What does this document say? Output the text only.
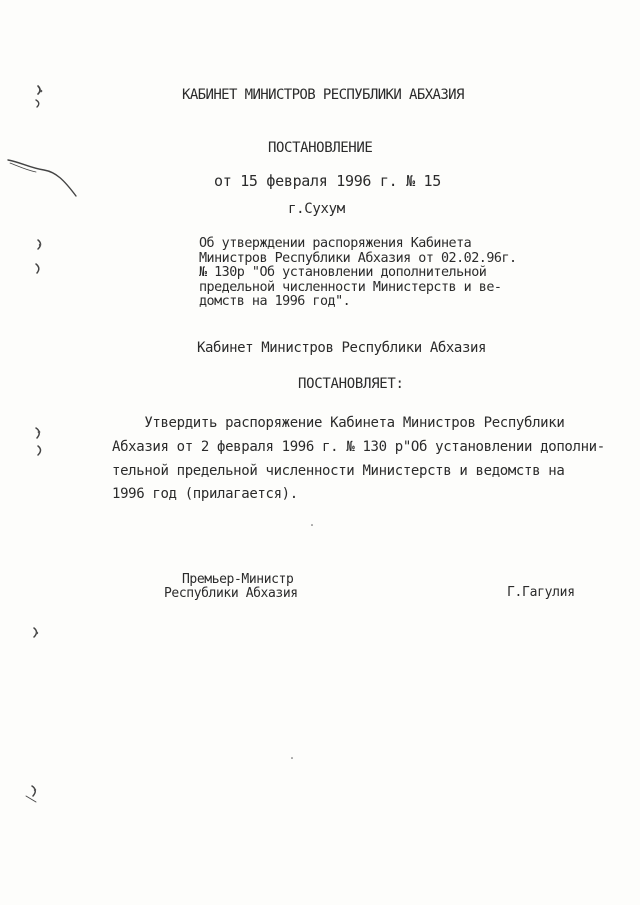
КАБИНЕТ МИНИСТРОВ РЕСПУБЛИКИ АБХАЗИЯ
ПОСТАНОВЛЕНИЕ
от 15 февраля 1996 г. № 15
г.Сухум
Об утверждении распоряжения Кабинета
Министров Республики Абхазия от 02.02.96г.
№ 130р "Об установлении дополнительной
предельной численности Министерств и ве-
домств на 1996 год".
Кабинет Министров Республики Абхазия
ПОСТАНОВЛЯЕТ:
Утвердить распоряжение Кабинета Министров Республики
Абхазия от 2 февраля 1996 г. № 130 р"Об установлении дополни-
тельной предельной численности Министерств и ведомств на
1996 год (прилагается).
Премьер-Министр
Республики Абхазия	Г.Гагулия
